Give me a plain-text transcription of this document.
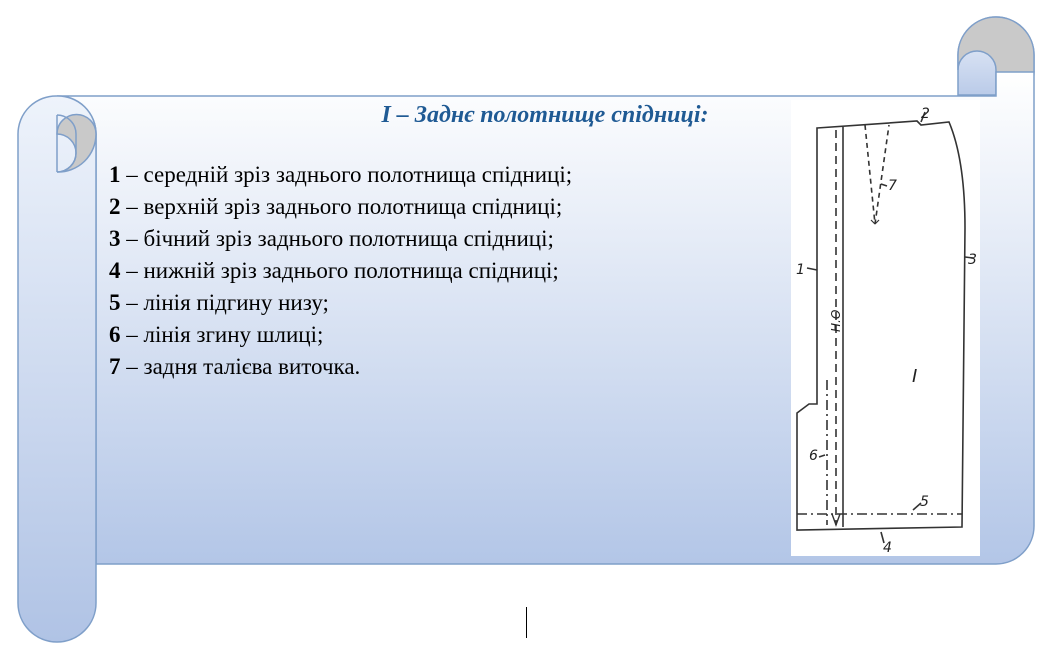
I – Заднє полотнище спідниці:
1 – середній зріз заднього полотнища спідниці;
2 – верхній зріз заднього полотнища спідниці;
3 – бічний зріз заднього полотнища спідниці;
4 – нижній зріз заднього полотнища спідниці;
5 – лінія підгину низу;
6 – лінія згину шлиці;
7 – задня талієва виточка.
1
2
3
4
5
6
7
I
Н.О
